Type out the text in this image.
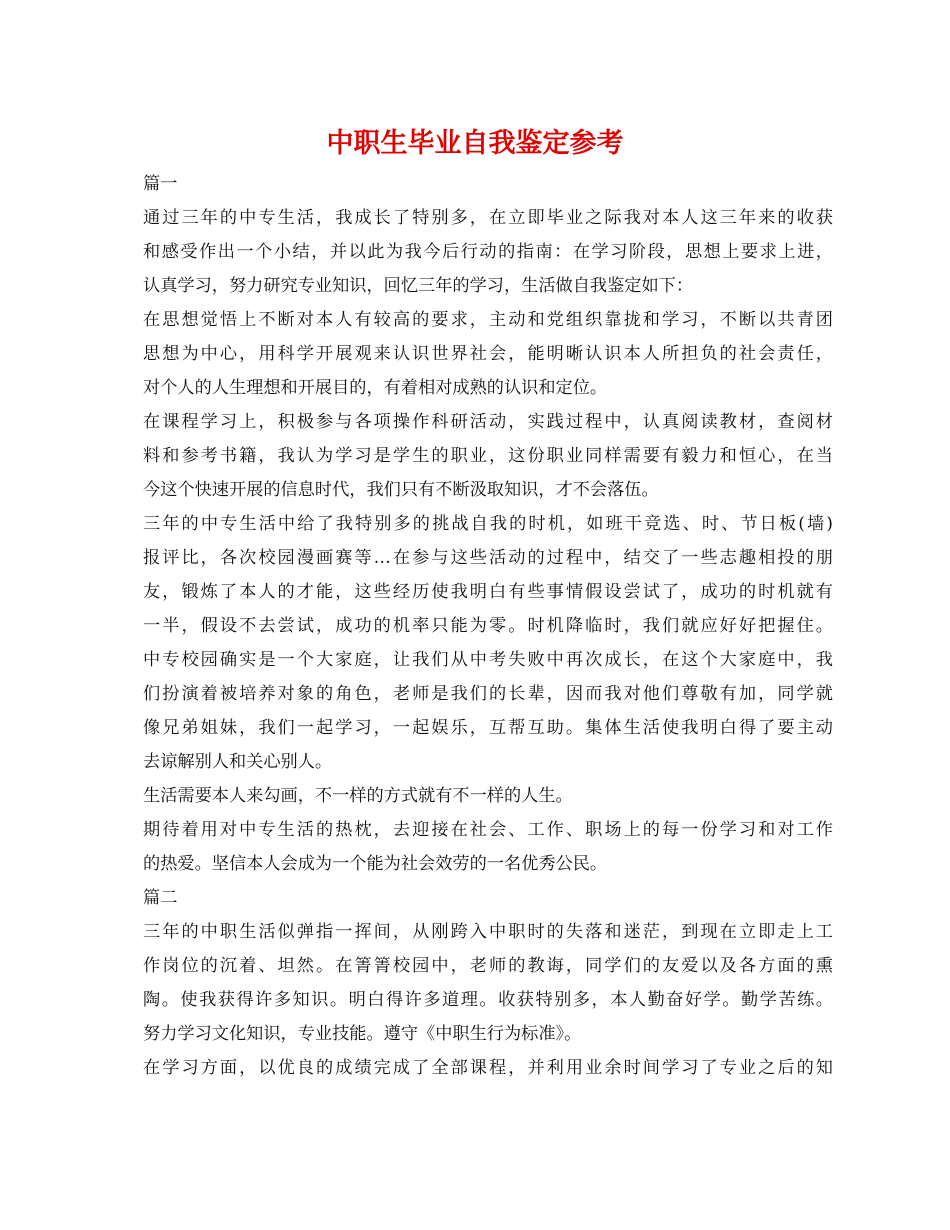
中职生毕业自我鉴定参考
篇一
通过三年的中专生活，我成长了特别多，在立即毕业之际我对本人这三年来的收获
和感受作出一个小结，并以此为我今后行动的指南：在学习阶段，思想上要求上进，
认真学习，努力研究专业知识，回忆三年的学习，生活做自我鉴定如下：
在思想觉悟上不断对本人有较高的要求，主动和党组织靠拢和学习，不断以共青团
思想为中心，用科学开展观来认识世界社会，能明晰认识本人所担负的社会责任，
对个人的人生理想和开展目的，有着相对成熟的认识和定位。
在课程学习上，积极参与各项操作科研活动，实践过程中，认真阅读教材，查阅材
料和参考书籍，我认为学习是学生的职业，这份职业同样需要有毅力和恒心，在当
今这个快速开展的信息时代，我们只有不断汲取知识，才不会落伍。
三年的中专生活中给了我特别多的挑战自我的时机，如班干竞选、时、节日板(墙)
报评比，各次校园漫画赛等…在参与这些活动的过程中，结交了一些志趣相投的朋
友，锻炼了本人的才能，这些经历使我明白有些事情假设尝试了，成功的时机就有
一半，假设不去尝试，成功的机率只能为零。时机降临时，我们就应好好把握住。
中专校园确实是一个大家庭，让我们从中考失败中再次成长，在这个大家庭中，我
们扮演着被培养对象的角色，老师是我们的长辈，因而我对他们尊敬有加，同学就
像兄弟姐妹，我们一起学习，一起娱乐，互帮互助。集体生活使我明白得了要主动
去谅解别人和关心别人。
生活需要本人来勾画，不一样的方式就有不一样的人生。
期待着用对中专生活的热枕，去迎接在社会、工作、职场上的每一份学习和对工作
的热爱。坚信本人会成为一个能为社会效劳的一名优秀公民。
篇二
三年的中职生活似弹指一挥间，从刚跨入中职时的失落和迷茫，到现在立即走上工
作岗位的沉着、坦然。在箐箐校园中，老师的教诲，同学们的友爱以及各方面的熏
陶。使我获得许多知识。明白得许多道理。收获特别多，本人勤奋好学。勤学苦练。
努力学习文化知识，专业技能。遵守《中职生行为标准》。
在学习方面，以优良的成绩完成了全部课程，并利用业余时间学习了专业之后的知
